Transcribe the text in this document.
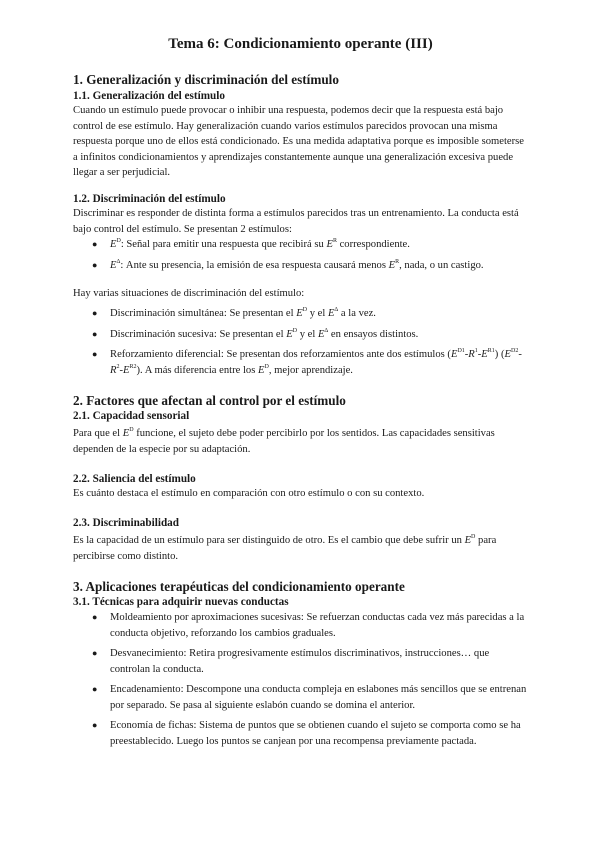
Tema 6: Condicionamiento operante (III)
1. Generalización y discriminación del estímulo
1.1. Generalización del estímulo
Cuando un estímulo puede provocar o inhibir una respuesta, podemos decir que la respuesta está bajo control de ese estímulo. Hay generalización cuando varios estímulos parecidos provocan una misma respuesta porque uno de ellos está condicionado. Es una medida adaptativa porque es imposible someterse a infinitos condicionamientos y aprendizajes constantemente aunque una generalización excesiva puede llegar a ser perjudicial.
1.2. Discriminación del estímulo
Discriminar es responder de distinta forma a estímulos parecidos tras un entrenamiento. La conducta está bajo control del estímulo. Se presentan 2 estímulos:
● $E^D$: Señal para emitir una respuesta que recibirá su $E^R$ correspondiente.
● $E^\Delta$: Ante su presencia, la emisión de esa respuesta causará menos $E^R$, nada, o un castigo.
Hay varias situaciones de discriminación del estímulo:
● Discriminación simultánea: Se presentan el $E^D$ y el $E^\Delta$ a la vez.
● Discriminación sucesiva: Se presentan el $E^D$ y el $E^\Delta$ en ensayos distintos.
● Reforzamiento diferencial: Se presentan dos reforzamientos ante dos estímulos $(E^{D1}-R^1-E^{R1})$ $(E^{D2}-R^2-E^{R2})$. A más diferencia entre los $E^D$, mejor aprendizaje.
2. Factores que afectan al control por el estímulo
2.1. Capacidad sensorial
Para que el $E^D$ funcione, el sujeto debe poder percibirlo por los sentidos. Las capacidades sensitivas dependen de la especie por su adaptación.
2.2. Saliencia del estímulo
Es cuánto destaca el estímulo en comparación con otro estímulo o con su contexto.
2.3. Discriminabilidad
Es la capacidad de un estímulo para ser distinguido de otro. Es el cambio que debe sufrir un $E^D$ para percibirse como distinto.
3. Aplicaciones terapéuticas del condicionamiento operante
3.1. Técnicas para adquirir nuevas conductas
● Moldeamiento por aproximaciones sucesivas: Se refuerzan conductas cada vez más parecidas a la conducta objetivo, reforzando los cambios graduales.
● Desvanecimiento: Retira progresivamente estímulos discriminativos, instrucciones… que controlan la conducta.
● Encadenamiento: Descompone una conducta compleja en eslabones más sencillos que se entrenan por separado. Se pasa al siguiente eslabón cuando se domina el anterior.
● Economía de fichas: Sistema de puntos que se obtienen cuando el sujeto se comporta como se ha preestablecido. Luego los puntos se canjean por una recompensa previamente pactada.
